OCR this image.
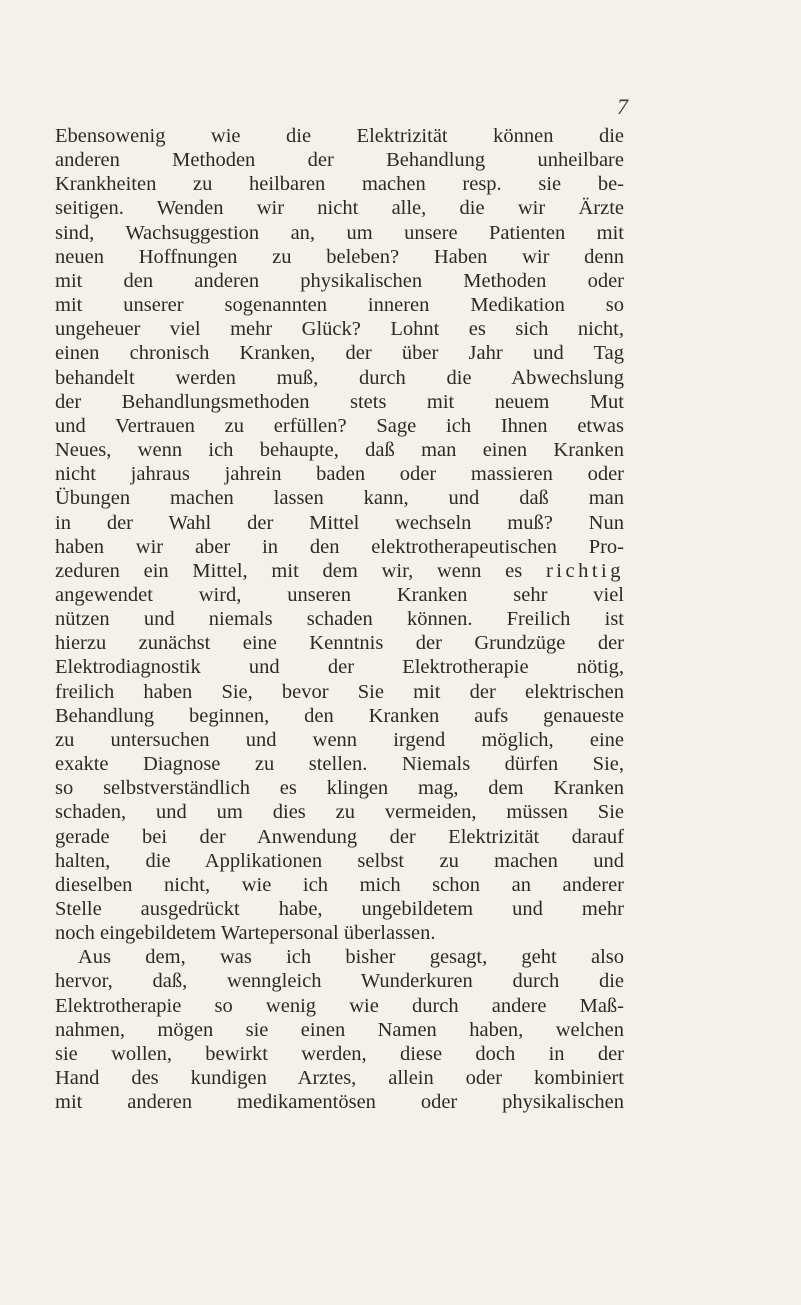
7
Ebensowenig wie die Elektrizität können die
anderen Methoden der Behandlung unheilbare
Krankheiten zu heilbaren machen resp. sie be-
seitigen. Wenden wir nicht alle, die wir Ärzte
sind, Wachsuggestion an, um unsere Patienten mit
neuen Hoffnungen zu beleben? Haben wir denn
mit den anderen physikalischen Methoden oder
mit unserer sogenannten inneren Medikation so
ungeheuer viel mehr Glück? Lohnt es sich nicht,
einen chronisch Kranken, der über Jahr und Tag
behandelt werden muß, durch die Abwechslung
der Behandlungsmethoden stets mit neuem Mut
und Vertrauen zu erfüllen? Sage ich Ihnen etwas
Neues, wenn ich behaupte, daß man einen Kranken
nicht jahraus jahrein baden oder massieren oder
Übungen machen lassen kann, und daß man
in der Wahl der Mittel wechseln muß? Nun
haben wir aber in den elektrotherapeutischen Pro-
zeduren ein Mittel, mit dem wir, wenn es richtig
angewendet wird, unseren Kranken sehr viel
nützen und niemals schaden können. Freilich ist
hierzu zunächst eine Kenntnis der Grundzüge der
Elektrodiagnostik und der Elektrotherapie nötig,
freilich haben Sie, bevor Sie mit der elektrischen
Behandlung beginnen, den Kranken aufs genaueste
zu untersuchen und wenn irgend möglich, eine
exakte Diagnose zu stellen. Niemals dürfen Sie,
so selbstverständlich es klingen mag, dem Kranken
schaden, und um dies zu vermeiden, müssen Sie
gerade bei der Anwendung der Elektrizität darauf
halten, die Applikationen selbst zu machen und
dieselben nicht, wie ich mich schon an anderer
Stelle ausgedrückt habe, ungebildetem und mehr
noch eingebildetem Wartepersonal überlassen.
Aus dem, was ich bisher gesagt, geht also
hervor, daß, wenngleich Wunderkuren durch die
Elektrotherapie so wenig wie durch andere Maß-
nahmen, mögen sie einen Namen haben, welchen
sie wollen, bewirkt werden, diese doch in der
Hand des kundigen Arztes, allein oder kombiniert
mit anderen medikamentösen oder physikalischen
